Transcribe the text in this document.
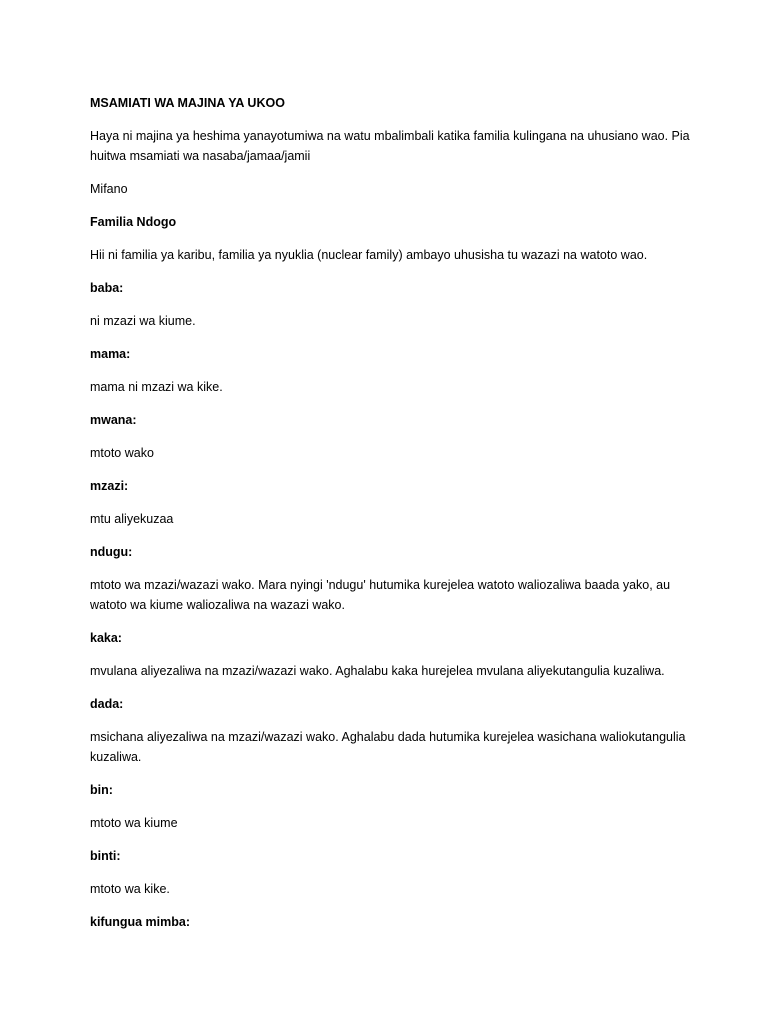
MSAMIATI WA MAJINA YA UKOO
Haya ni majina ya heshima yanayotumiwa na watu mbalimbali katika familia kulingana na uhusiano wao. Pia huitwa msamiati wa nasaba/jamaa/jamii
Mifano
Familia Ndogo
Hii ni familia ya karibu, familia ya nyuklia (nuclear family) ambayo uhusisha tu wazazi na watoto wao.
baba:
ni mzazi wa kiume.
mama:
mama ni mzazi wa kike.
mwana:
mtoto wako
mzazi:
mtu aliyekuzaa
ndugu:
mtoto wa mzazi/wazazi wako. Mara nyingi 'ndugu' hutumika kurejelea watoto waliozaliwa baada yako, au watoto wa kiume waliozaliwa na wazazi wako.
kaka:
mvulana aliyezaliwa na mzazi/wazazi wako. Aghalabu kaka hurejelea mvulana aliyekutangulia kuzaliwa.
dada:
msichana aliyezaliwa na mzazi/wazazi wako. Aghalabu dada hutumika kurejelea wasichana waliokutangulia kuzaliwa.
bin:
mtoto wa kiume
binti:
mtoto wa kike.
kifungua mimba:
